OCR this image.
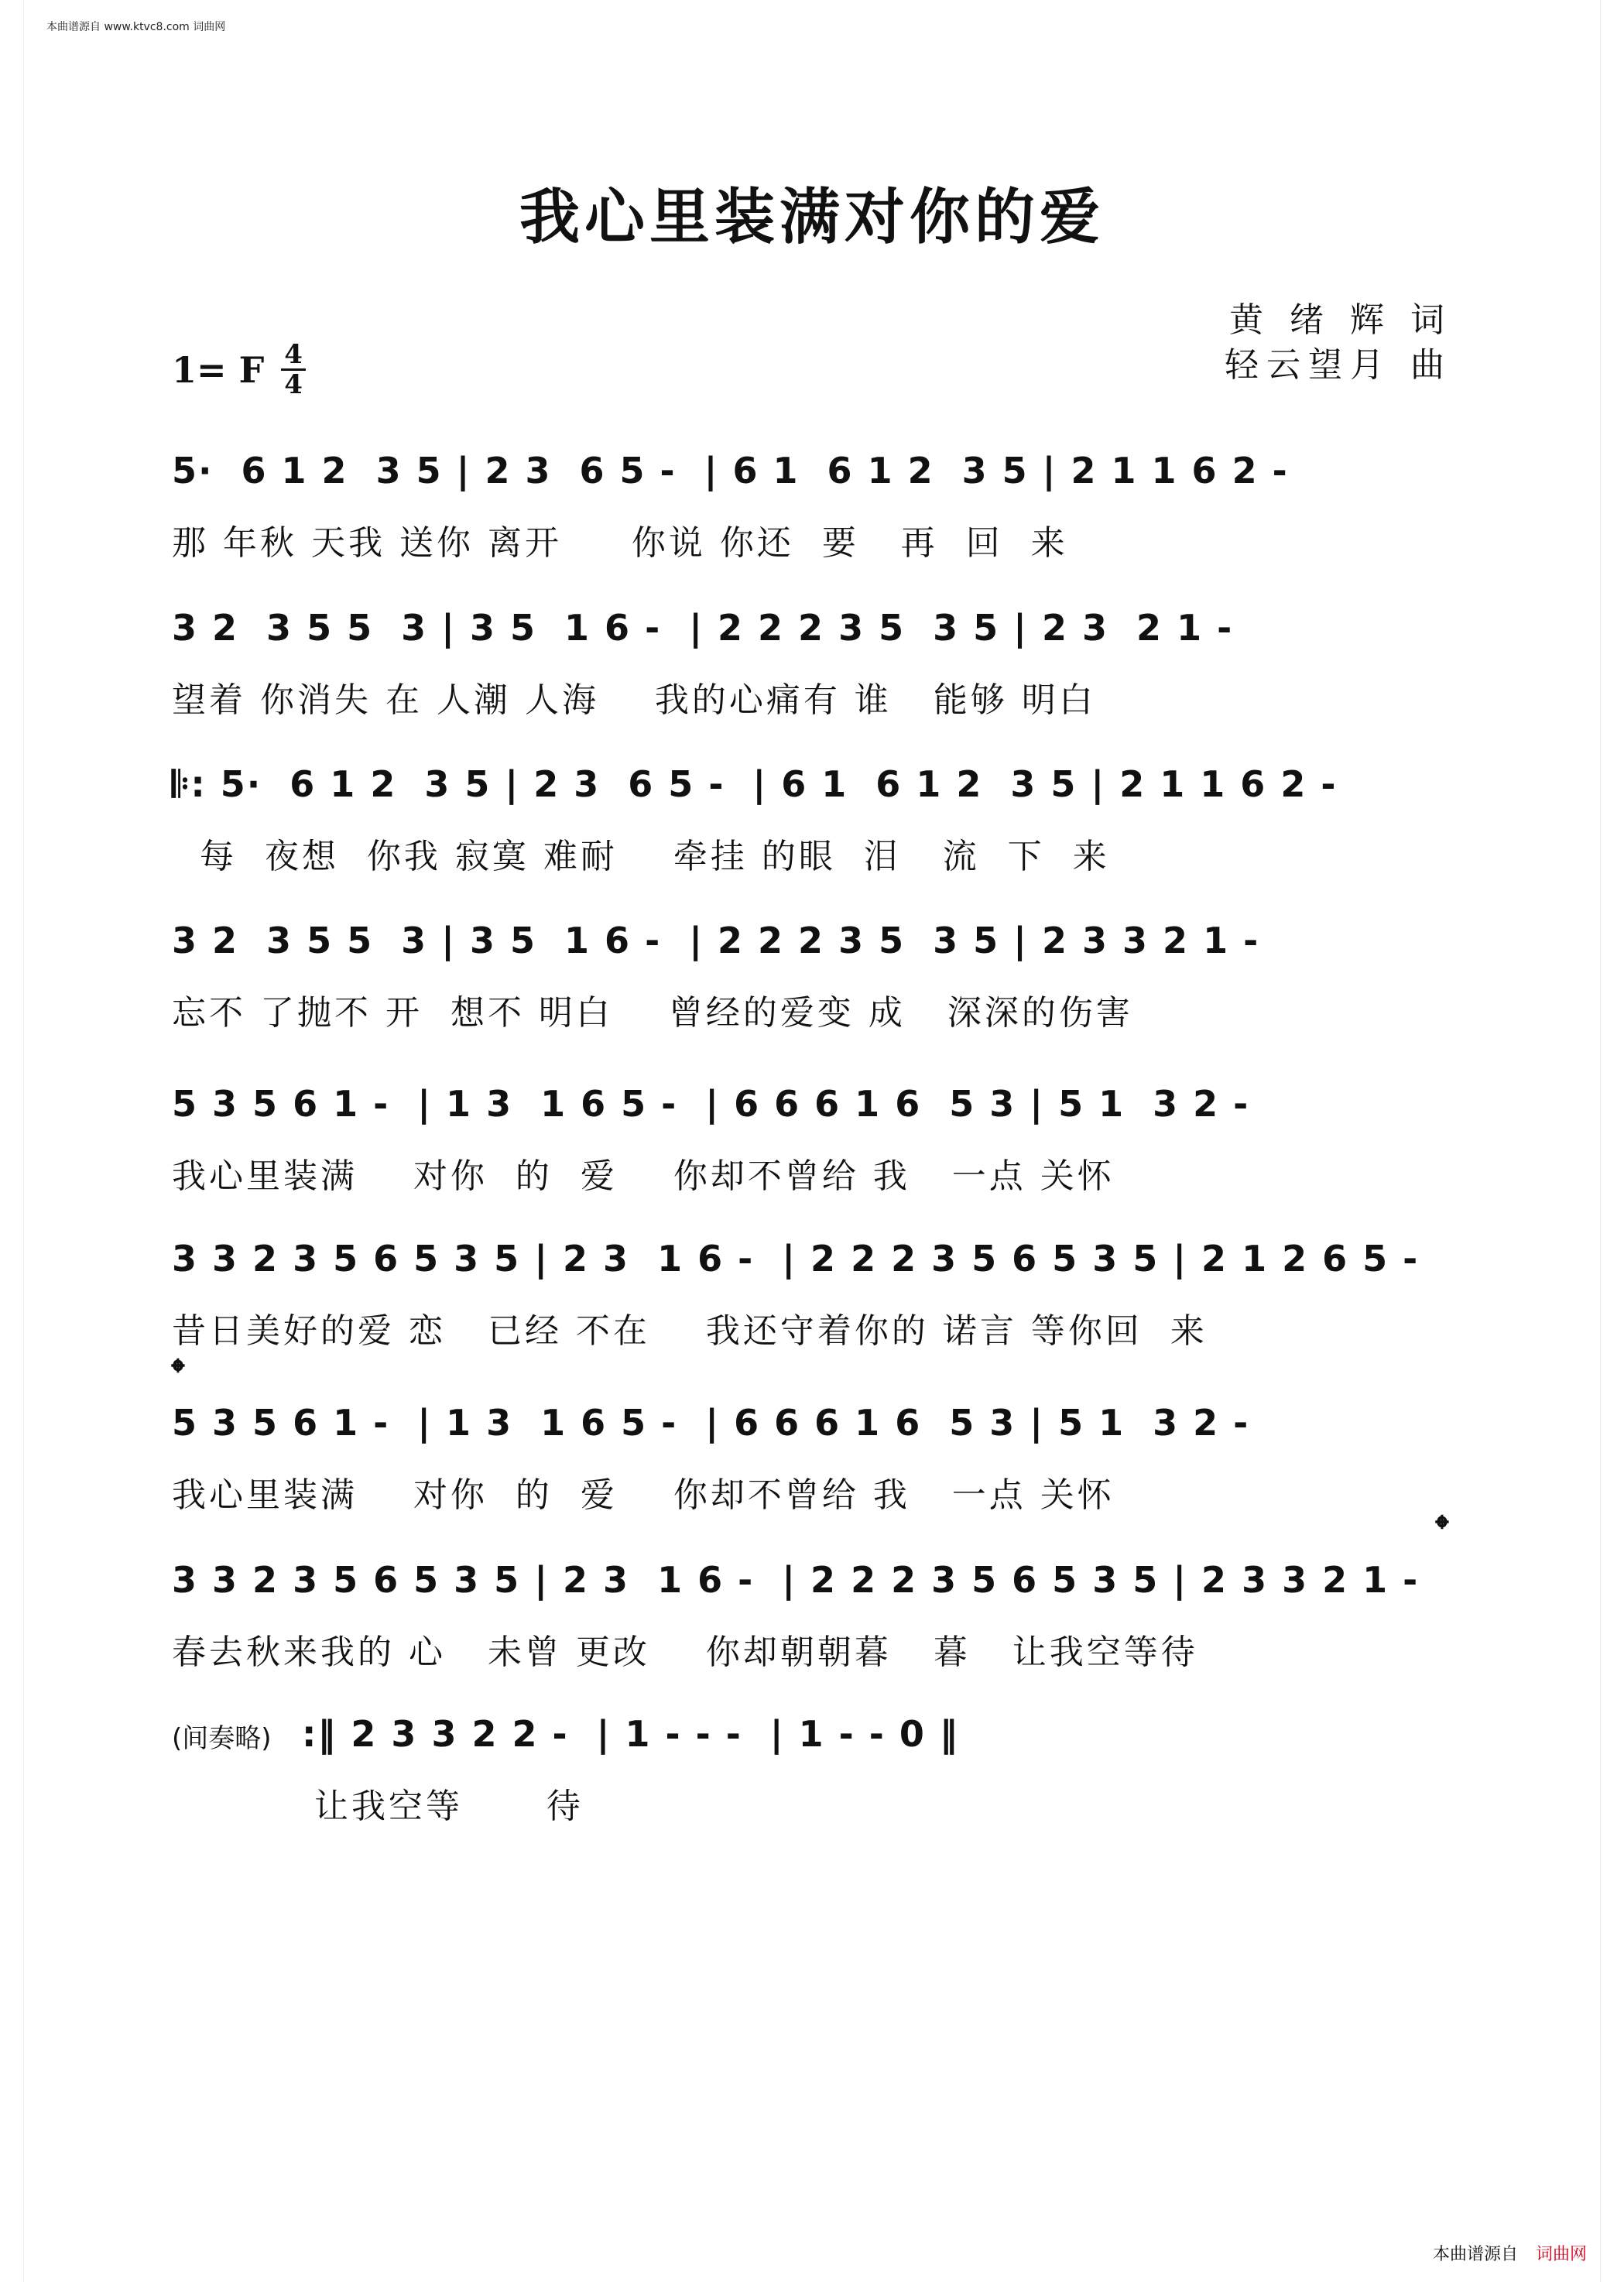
本曲谱源自 www.ktvc8.com 词曲网
我心里装满对你的爱
黄 绪 辉 词
轻云望月 曲
1= F $\frac{4}{4}$
5·  6 1 2  3 5 | 2 3  6 5 -  | 6 1  6 1 2  3 5 | 2 1 1 6 2 -
那 年秋 天我 送你 离开     你说 你还  要   再  回  来
3 2  3 5 5  3 | 3 5  1 6 -  | 2 2 2 3 5  3 5 | 2 3  2 1 -
望着 你消失 在 人潮 人海    我的心痛有 谁   能够 明白
𝄆: 5·  6 1 2  3 5 | 2 3  6 5 -  | 6 1  6 1 2  3 5 | 2 1 1 6 2 -
每  夜想  你我 寂寞 难耐    牵挂 的眼  泪   流  下  来
3 2  3 5 5  3 | 3 5  1 6 -  | 2 2 2 3 5  3 5 | 2 3 3 2 1 -
忘不 了抛不 开  想不 明白    曾经的爱变 成   深深的伤害
5 3 5 6 1 -  | 1 3  1 6 5 -  | 6 6 6 1 6  5 3 | 5 1  3 2 -
我心里装满    对你  的  爱    你却不曾给 我   一点 关怀
3 3 2 3 5 6 5 3 5 | 2 3  1 6 -  | 2 2 2 3 5 6 5 3 5 | 2 1 2 6 5 -
昔日美好的爱 恋   已经 不在    我还守着你的 诺言 等你回  来
𝄌
5 3 5 6 1 -  | 1 3  1 6 5 -  | 6 6 6 1 6  5 3 | 5 1  3 2 -
我心里装满    对你  的  爱    你却不曾给 我   一点 关怀
𝄌
3 3 2 3 5 6 5 3 5 | 2 3  1 6 -  | 2 2 2 3 5 6 5 3 5 | 2 3 3 2 1 -
春去秋来我的 心   未曾 更改    你却朝朝暮   暮   让我空等待
(间奏略) :‖ 2 3 3 2 2 -  | 1 - - -  | 1 - - 0 ‖
让我空等      待
本曲谱源自 词曲网
